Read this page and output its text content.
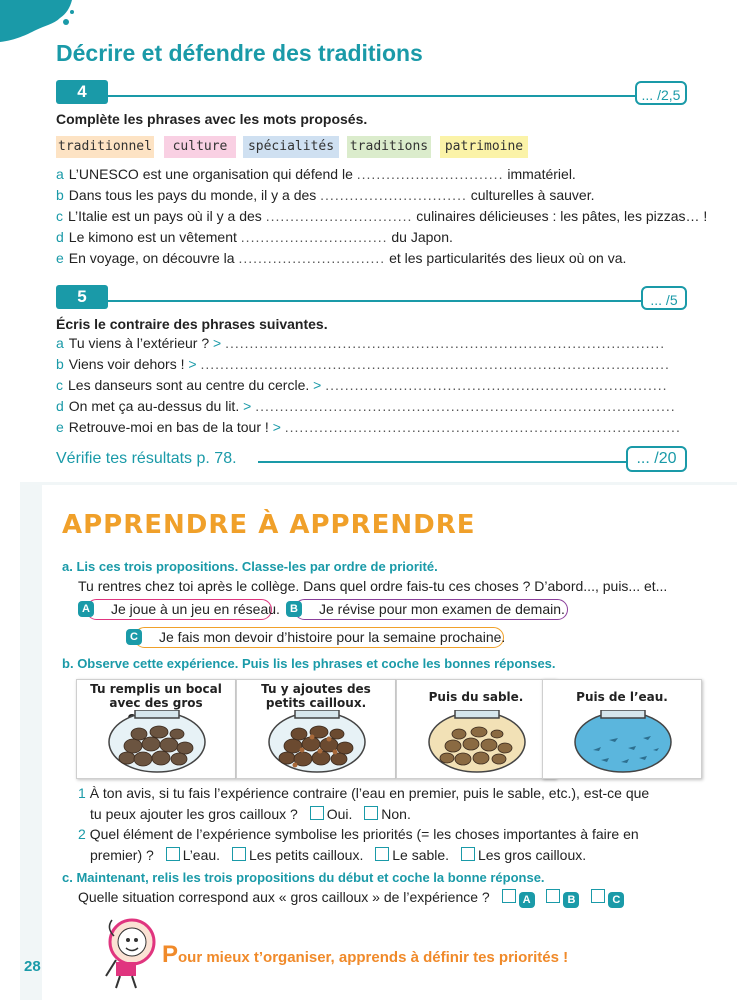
Décrire et défendre des traditions
4	... /2,5
Complète les phrases avec les mots proposés.
traditionnel	culture	spécialités	traditions	patrimoine
a L’UNESCO est une organisation qui défend le .............................. immatériel.
b Dans tous les pays du monde, il y a des .............................. culturelles à sauver.
c L’Italie est un pays où il y a des .............................. culinaires délicieuses : les pâtes, les pizzas… !
d Le kimono est un vêtement .............................. du Japon.
e En voyage, on découvre la .............................. et les particularités des lieux où on va.
5	... /5
Écris le contraire des phrases suivantes.
a Tu viens à l’extérieur ? > ..........................................................................................
b Viens voir dehors ! > ................................................................................................
c Les danseurs sont au centre du cercle. > ......................................................................
d On met ça au-dessus du lit. > ......................................................................................
e Retrouve-moi en bas de la tour ! > .................................................................................
Vérifie tes résultats p. 78.	... /20
APPRENDRE À APPRENDRE
a. Lis ces trois propositions. Classe-les par ordre de priorité.
Tu rentres chez toi après le collège. Dans quel ordre fais-tu ces choses ? D’abord..., puis... et...
A Je joue à un jeu en réseau. B Je révise pour mon examen de demain.
C Je fais mon devoir d’histoire pour la semaine prochaine.
b. Observe cette expérience. Puis lis les phrases et coche les bonnes réponses.
Tu remplis un bocal avec des gros
Tu y ajoutes des petits cailloux.	Puis du sable.	Puis de l’eau.
1 À ton avis, si tu fais l’expérience contraire (l’eau en premier, puis le sable, etc.), est-ce que
tu peux ajouter les gros cailloux ? Oui. Non.
2 Quel élément de l’expérience symbolise les priorités (= les choses importantes à faire en
premier) ? L’eau. Les petits cailloux. Le sable. Les gros cailloux.
c. Maintenant, relis les trois propositions du début et coche la bonne réponse.
Quelle situation correspond aux « gros cailloux » de l’expérience ?	A	B	C
Pour mieux t’organiser, apprends à définir tes priorités !
28
